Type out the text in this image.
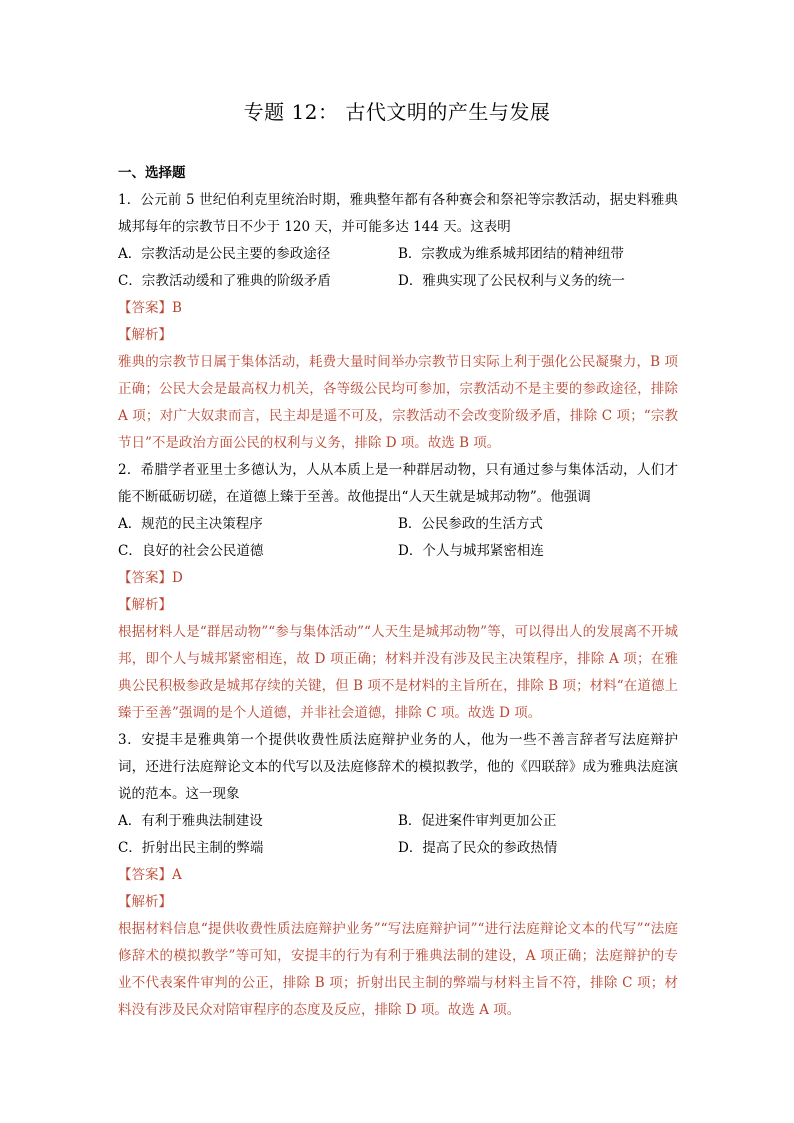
专题 12： 古代文明的产生与发展
一、选择题
1．公元前 5 世纪伯利克里统治时期，雅典整年都有各种赛会和祭祀等宗教活动，据史料雅典城邦每年的宗教节日不少于 120 天，并可能多达 144 天。这表明
A．宗教活动是公民主要的参政途径	B．宗教成为维系城邦团结的精神纽带
C．宗教活动缓和了雅典的阶级矛盾	D．雅典实现了公民权利与义务的统一
【答案】B
【解析】
雅典的宗教节日属于集体活动，耗费大量时间举办宗教节日实际上利于强化公民凝聚力，B 项正确；公民大会是最高权力机关，各等级公民均可参加，宗教活动不是主要的参政途径，排除 A 项；对广大奴隶而言，民主却是遥不可及，宗教活动不会改变阶级矛盾，排除 C 项；“宗教节日”不是政治方面公民的权利与义务，排除 D 项。故选 B 项。
2．希腊学者亚里士多德认为，人从本质上是一种群居动物，只有通过参与集体活动，人们才能不断砥砺切磋，在道德上臻于至善。故他提出“人天生就是城邦动物”。他强调
A．规范的民主决策程序	B．公民参政的生活方式
C．良好的社会公民道德	D．个人与城邦紧密相连
【答案】D
【解析】
根据材料人是“群居动物”“参与集体活动”“人天生是城邦动物”等，可以得出人的发展离不开城邦，即个人与城邦紧密相连，故 D 项正确；材料并没有涉及民主决策程序，排除 A 项；在雅典公民积极参政是城邦存续的关键，但 B 项不是材料的主旨所在，排除 B 项；材料“在道德上臻于至善”强调的是个人道德，并非社会道德，排除 C 项。故选 D 项。
3．安提丰是雅典第一个提供收费性质法庭辩护业务的人，他为一些不善言辞者写法庭辩护词，还进行法庭辩论文本的代写以及法庭修辞术的模拟教学，他的《四联辞》成为雅典法庭演说的范本。这一现象
A．有利于雅典法制建设	B．促进案件审判更加公正
C．折射出民主制的弊端	D．提高了民众的参政热情
【答案】A
【解析】
根据材料信息“提供收费性质法庭辩护业务”“写法庭辩护词”“进行法庭辩论文本的代写”“法庭修辞术的模拟教学”等可知，安提丰的行为有利于雅典法制的建设，A 项正确；法庭辩护的专业不代表案件审判的公正，排除 B 项；折射出民主制的弊端与材料主旨不符，排除 C 项；材料没有涉及民众对陪审程序的态度及反应，排除 D 项。故选 A 项。
